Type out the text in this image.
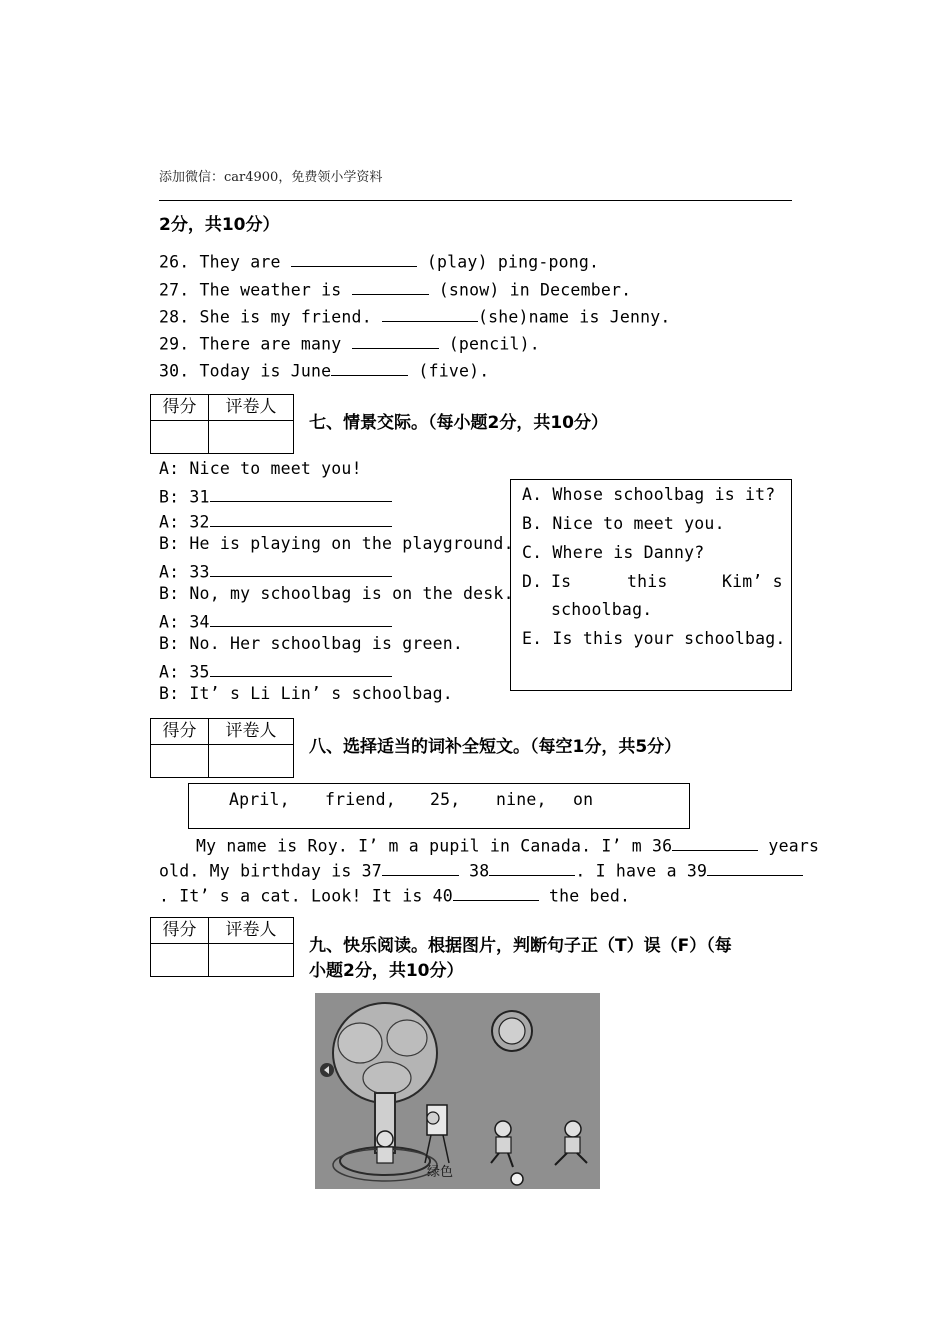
添加微信：car4900，免费领小学资料
2分，共10分）
26. They are	(play) ping-pong.
27. The weather is	(snow) in December.
28. She is my friend.	(she)name is Jenny.
29. There are many	(pencil).
30. Today is June	(five).
得分	评卷人
七、情景交际。（每小题2分，共10分）
A: Nice to meet you!
B: 31
A: 32
B: He is playing on the playground.
A: 33
B: No, my schoolbag is on the desk.
A: 34
B: No. Her schoolbag is green.
A: 35
B: It’ s Li Lin’ s schoolbag.
A. Whose schoolbag is it?
B. Nice to meet you.
C. Where is Danny?
D. Is	this	Kim’ s
schoolbag.
E. Is this your schoolbag.
得分	评卷人
八、选择适当的词补全短文。（每空1分，共5分）
April, friend, 25, nine, on
My name is Roy. I’ m a pupil in Canada. I’ m 36	years
old. My birthday is 37	38	. I have a 39
. It’ s a cat. Look! It is 40	the bed.
得分	评卷人
九、快乐阅读。根据图片，判断句子正（T）误（F）（每
小题2分，共10分）
绿色
